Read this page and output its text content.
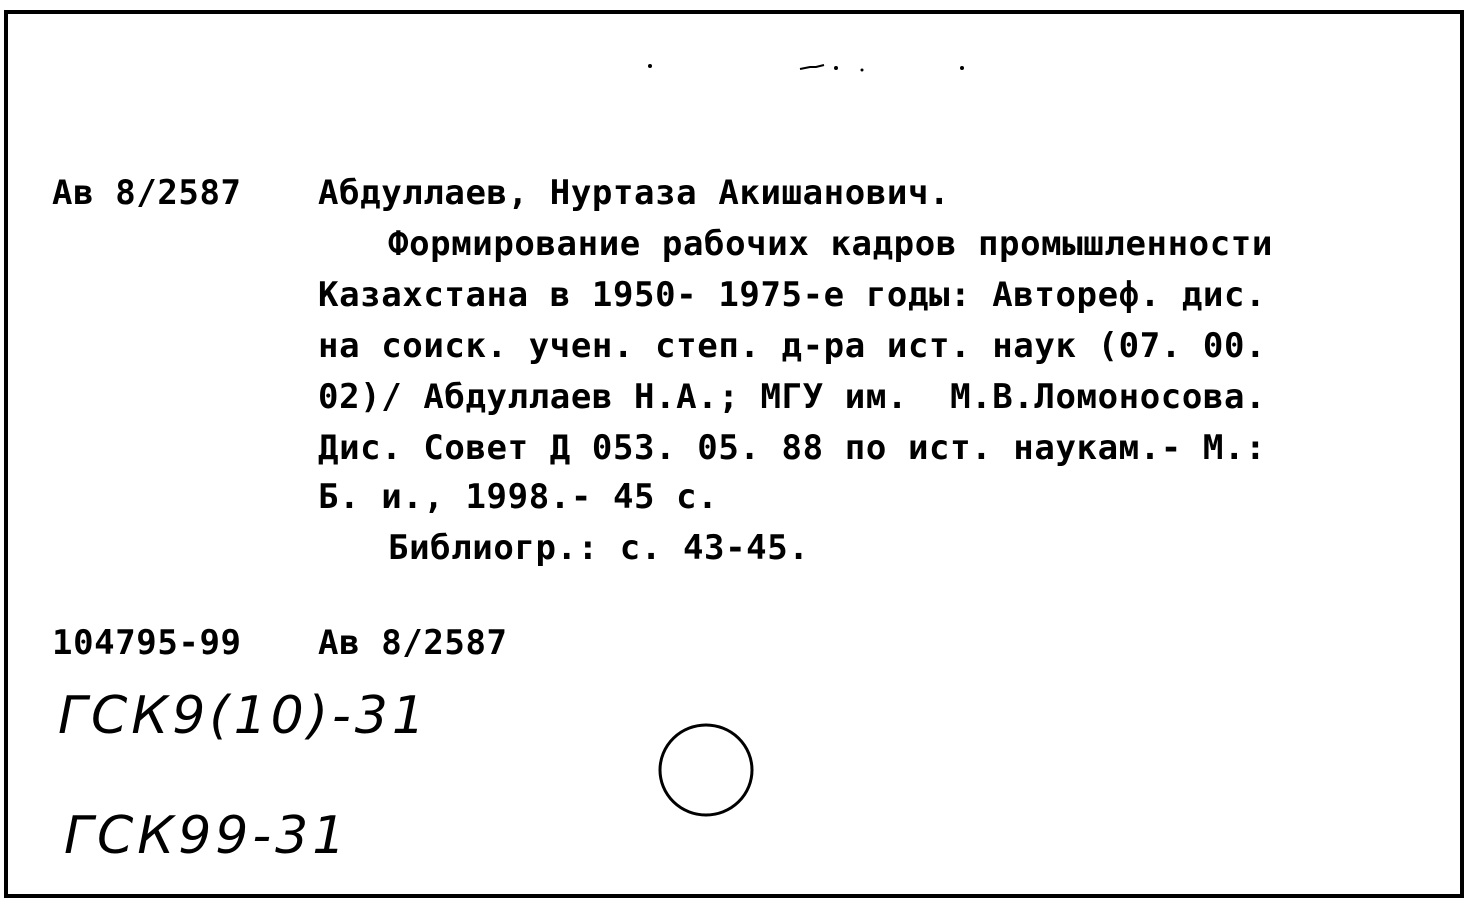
Ав 8/2587 Абдуллаев, Нуртаза Акишанович.
Формирование рабочих кадров промышленности
Казахстана в 1950- 1975-е годы: Автореф. дис.
на соиск. учен. степ. д-ра ист. наук (07. 00.
02)/ Абдуллаев Н.А.; МГУ им.  М.В.Ломоносова.
Дис. Совет Д 053. 05. 88 по ист. наукам.- М.:
Б. и., 1998.- 45 с.
Библиогр.: с. 43-45.
104795-99 Ав 8/2587
ГСК9(10)-31
ГСК99-31
